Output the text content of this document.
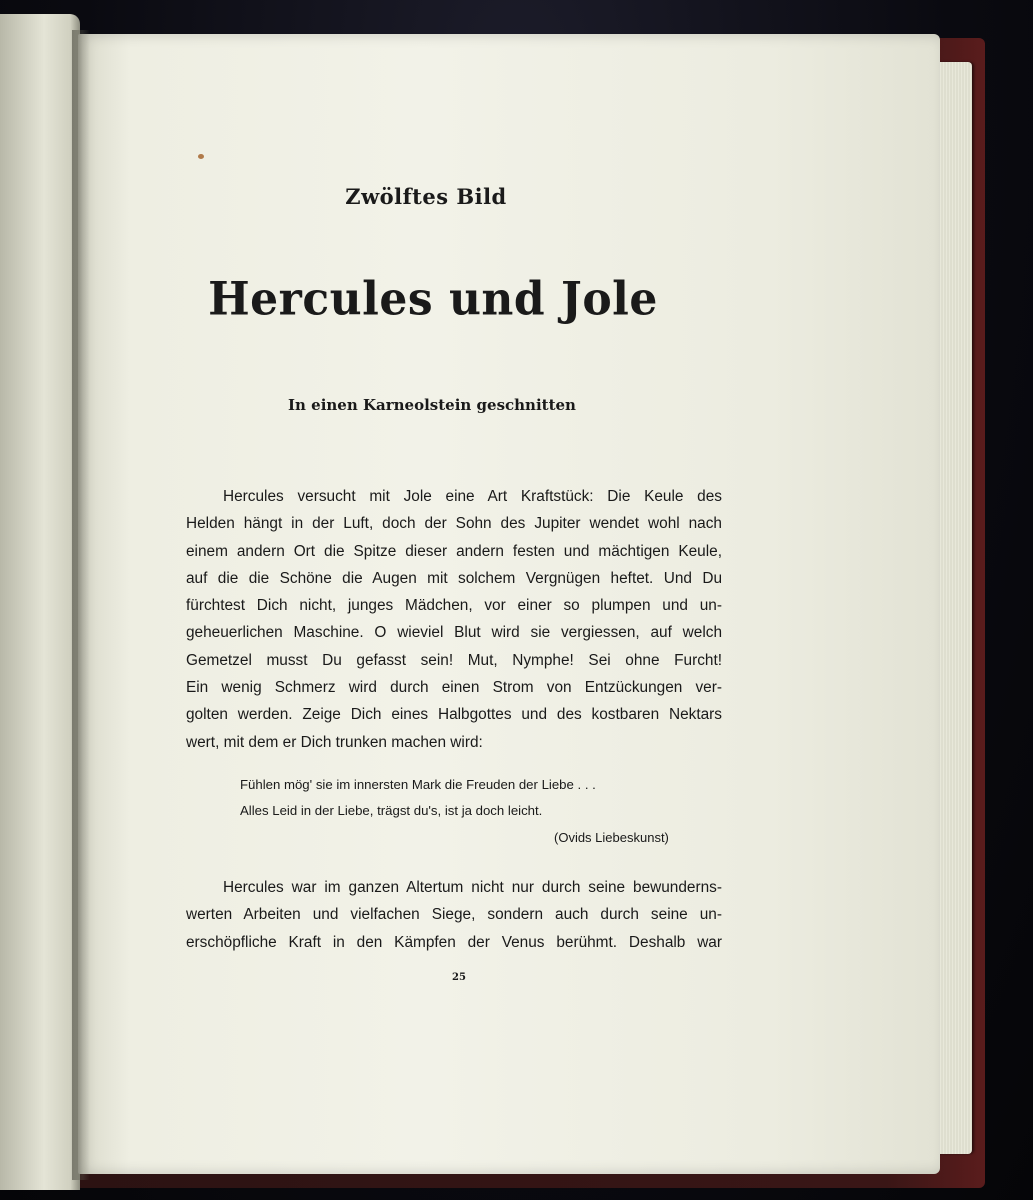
Zwölftes Bild
Hercules und Jole
In einen Karneolstein geschnitten

Hercules versucht mit Jole eine Art Kraftstück: Die Keule des
Helden hängt in der Luft, doch der Sohn des Jupiter wendet wohl nach
einem andern Ort die Spitze dieser andern festen und mächtigen Keule,
auf die die Schöne die Augen mit solchem Vergnügen heftet. Und Du
fürchtest Dich nicht, junges Mädchen, vor einer so plumpen und un-
geheuerlichen Maschine. O wieviel Blut wird sie vergiessen, auf welch
Gemetzel musst Du gefasst sein! Mut, Nymphe! Sei ohne Furcht!
Ein wenig Schmerz wird durch einen Strom von Entzückungen ver-
golten werden. Zeige Dich eines Halbgottes und des kostbaren Nektars
wert, mit dem er Dich trunken machen wird:

Fühlen mög' sie im innersten Mark die Freuden der Liebe . . .
Alles Leid in der Liebe, trägst du's, ist ja doch leicht.
(Ovids Liebeskunst)

Hercules war im ganzen Altertum nicht nur durch seine bewunderns-
werten Arbeiten und vielfachen Siege, sondern auch durch seine un-
erschöpfliche Kraft in den Kämpfen der Venus berühmt. Deshalb war

25
